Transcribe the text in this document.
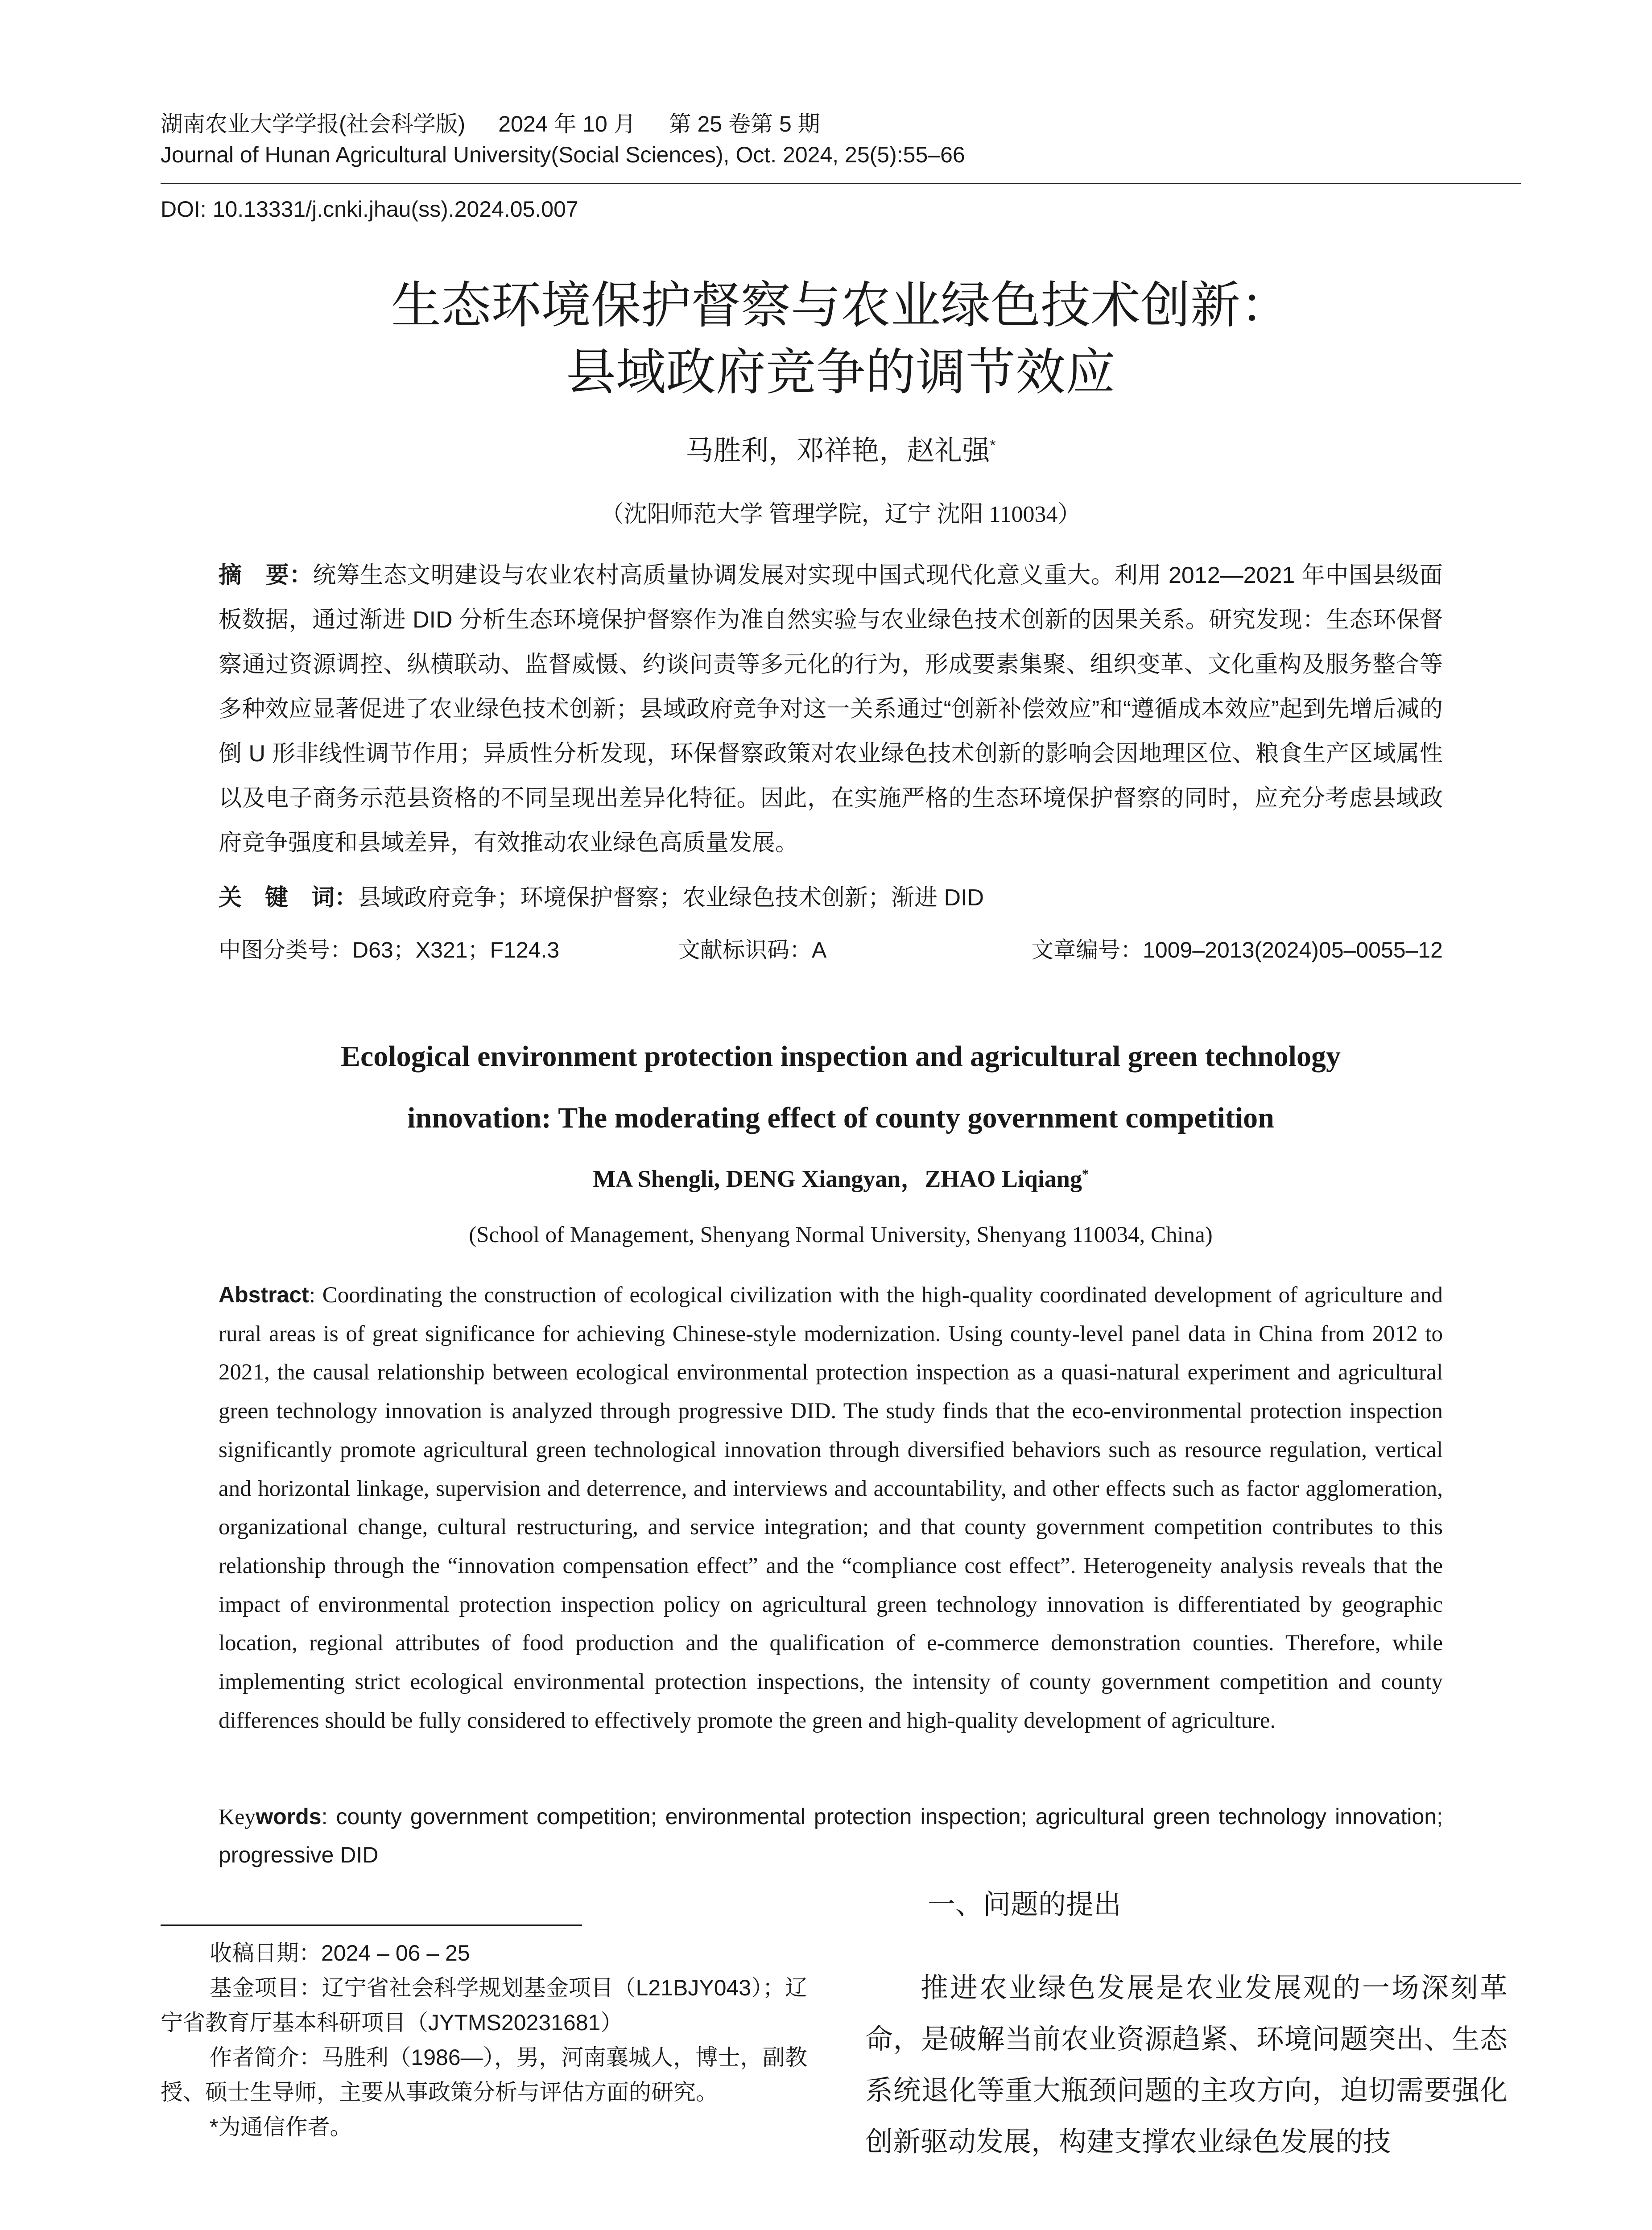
湖南农业大学学报(社会科学版) 2024 年 10 月 第 25 卷第 5 期
Journal of Hunan Agricultural University(Social Sciences), Oct. 2024, 25(5):55–66
DOI: 10.13331/j.cnki.jhau(ss).2024.05.007
生态环境保护督察与农业绿色技术创新：
县域政府竞争的调节效应
马胜利，邓祥艳，赵礼强*
（沈阳师范大学 管理学院，辽宁 沈阳 110034）
摘　要：统筹生态文明建设与农业农村高质量协调发展对实现中国式现代化意义重大。利用 2012—2021 年中国县级面板数据，通过渐进 DID 分析生态环境保护督察作为准自然实验与农业绿色技术创新的因果关系。研究发现：生态环保督察通过资源调控、纵横联动、监督威慑、约谈问责等多元化的行为，形成要素集聚、组织变革、文化重构及服务整合等多种效应显著促进了农业绿色技术创新；县域政府竞争对这一关系通过“创新补偿效应”和“遵循成本效应”起到先增后减的倒 U 形非线性调节作用；异质性分析发现，环保督察政策对农业绿色技术创新的影响会因地理区位、粮食生产区域属性以及电子商务示范县资格的不同呈现出差异化特征。因此，在实施严格的生态环境保护督察的同时，应充分考虑县域政府竞争强度和县域差异，有效推动农业绿色高质量发展。
关　键　词：县域政府竞争；环境保护督察；农业绿色技术创新；渐进 DID
中图分类号：D63；X321；F124.3	文献标识码：A	文章编号：1009–2013(2024)05–0055–12
Ecological environment protection inspection and agricultural green technology
innovation: The moderating effect of county government competition
MA Shengli, DENG Xiangyan，ZHAO Liqiang*
(School of Management, Shenyang Normal University, Shenyang 110034, China)
Abstract: Coordinating the construction of ecological civilization with the high-quality coordinated development of agriculture and rural areas is of great significance for achieving Chinese-style modernization. Using county-level panel data in China from 2012 to 2021, the causal relationship between ecological environmental protection inspection as a quasi-natural experiment and agricultural green technology innovation is analyzed through progressive DID. The study finds that the eco-environmental protection inspection significantly promote agricultural green technological innovation through diversified behaviors such as resource regulation, vertical and horizontal linkage, supervision and deterrence, and interviews and accountability, and other effects such as factor agglomeration, organizational change, cultural restructuring, and service integration; and that county government competition contributes to this relationship through the “innovation compensation effect” and the “compliance cost effect”. Heterogeneity analysis reveals that the impact of environmental protection inspection policy on agricultural green technology innovation is differentiated by geographic location, regional attributes of food production and the qualification of e-commerce demonstration counties. Therefore, while implementing strict ecological environmental protection inspections, the intensity of county government competition and county differences should be fully considered to effectively promote the green and high-quality development of agriculture.
Keywords: county government competition; environmental protection inspection; agricultural green technology innovation; progressive DID

收稿日期：2024 – 06 – 25

基金项目：辽宁省社会科学规划基金项目（L21BJY043）；辽宁省教育厅基本科研项目（JYTMS20231681）

作者简介：马胜利（1986—），男，河南襄城人，博士，副教授、硕士生导师，主要从事政策分析与评估方面的研究。

*为通信作者。

一、问题的提出
推进农业绿色发展是农业发展观的一场深刻革命，是破解当前农业资源趋紧、环境问题突出、生态系统退化等重大瓶颈问题的主攻方向，迫切需要强化创新驱动发展，构建支撑农业绿色发展的技
